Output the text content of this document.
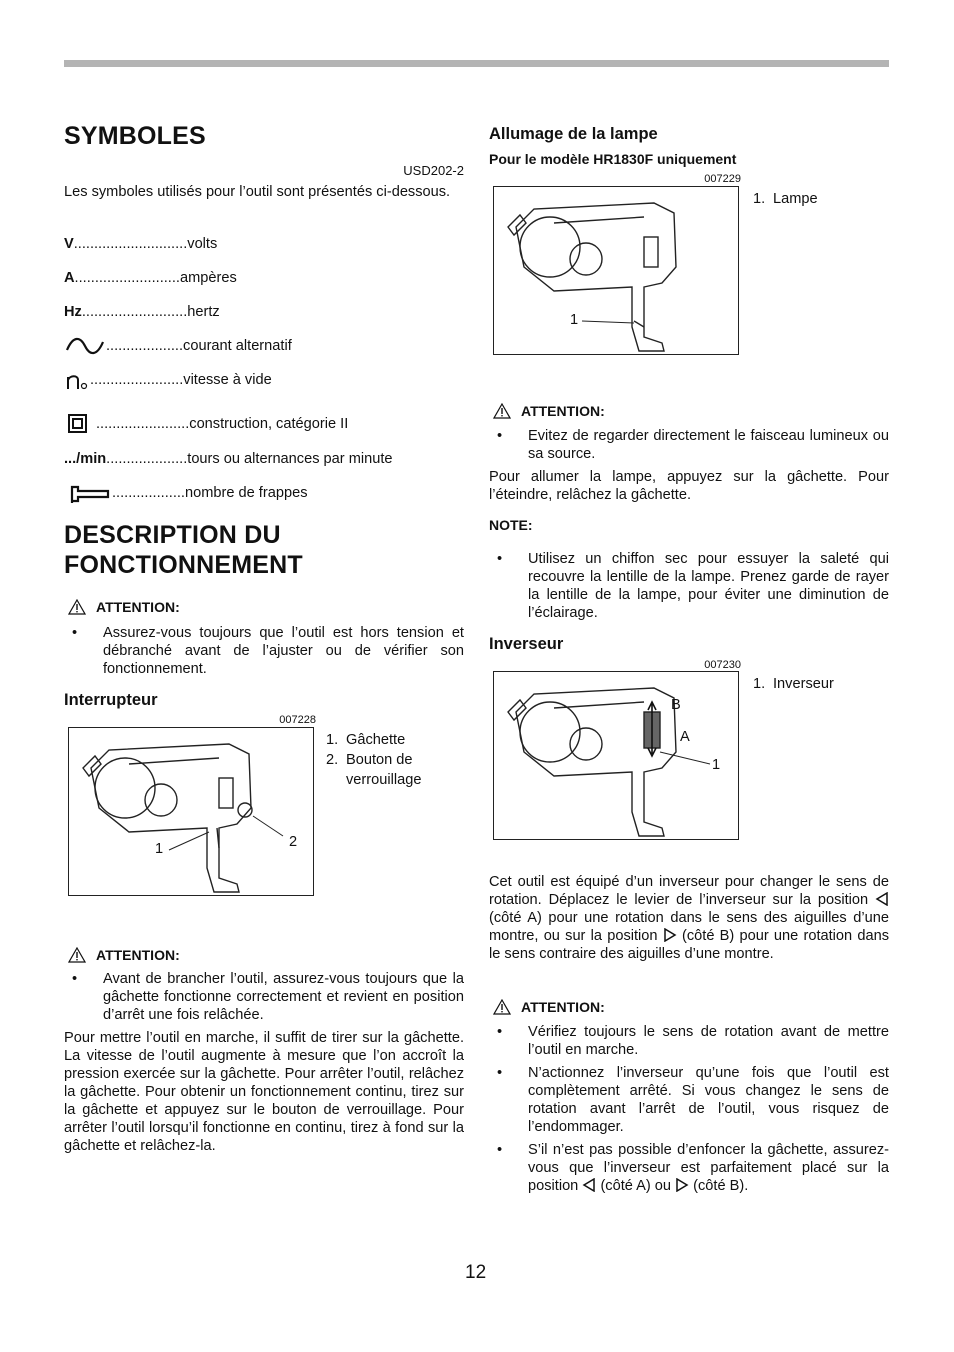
SYMBOLES
USD202-2
Les symboles utilisés pour l’outil sont présentés ci-dessous.
V ............................ volts
A .......................... ampères
Hz .......................... hertz
................... courant alternatif
....................... vitesse à vide
....................... construction, catégorie II
.../min .................... tours ou alternances par minute
.................. nombre de frappes
DESCRIPTION DU
FONCTIONNEMENT
ATTENTION:
• Assurez-vous toujours que l’outil est hors tension et débranché avant de l’ajuster ou de vérifier son fonctionnement.
Interrupteur
007228
1	2
1. Gâchette
2. Bouton de
verrouillage
ATTENTION:
• Avant de brancher l’outil, assurez-vous toujours que la gâchette fonctionne correctement et revient en position d’arrêt une fois relâchée.
Pour mettre l’outil en marche, il suffit de tirer sur la gâchette. La vitesse de l’outil augmente à mesure que l’on accroît la pression exercée sur la gâchette. Pour arrêter l’outil, relâchez la gâchette. Pour obtenir un fonctionnement continu, tirez sur la gâchette et appuyez sur le bouton de verrouillage. Pour arrêter l’outil lorsqu’il fonctionne en continu, tirez à fond sur la gâchette et relâchez-la.
Allumage de la lampe
Pour le modèle HR1830F uniquement
007229
1
1. Lampe
ATTENTION:
• Evitez de regarder directement le faisceau lumineux ou sa source.
Pour allumer la lampe, appuyez sur la gâchette. Pour l’éteindre, relâchez la gâchette.
NOTE:
• Utilisez un chiffon sec pour essuyer la saleté qui recouvre la lentille de la lampe. Prenez garde de rayer la lentille de la lampe, pour éviter une diminution de l’éclairage.
Inverseur
007230
B
A
1
1. Inverseur
Cet outil est équipé d’un inverseur pour changer le sens de rotation. Déplacez le levier de l’inverseur sur la position  (côté A) pour une rotation dans le sens des aiguilles d’une montre, ou sur la position (côté B) pour une rotation dans le sens contraire des aiguilles d’une montre.
ATTENTION:
• Vérifiez toujours le sens de rotation avant de mettre l’outil en marche.
• N’actionnez l’inverseur qu’une fois que l’outil est complètement arrêté. Si vous changez le sens de rotation avant l’arrêt de l’outil, vous risquez de l’endommager.
• S’il n’est pas possible d’enfoncer la gâchette, assurez-vous que l’inverseur est parfaitement placé sur la position (côté A) ou (côté B).
12
